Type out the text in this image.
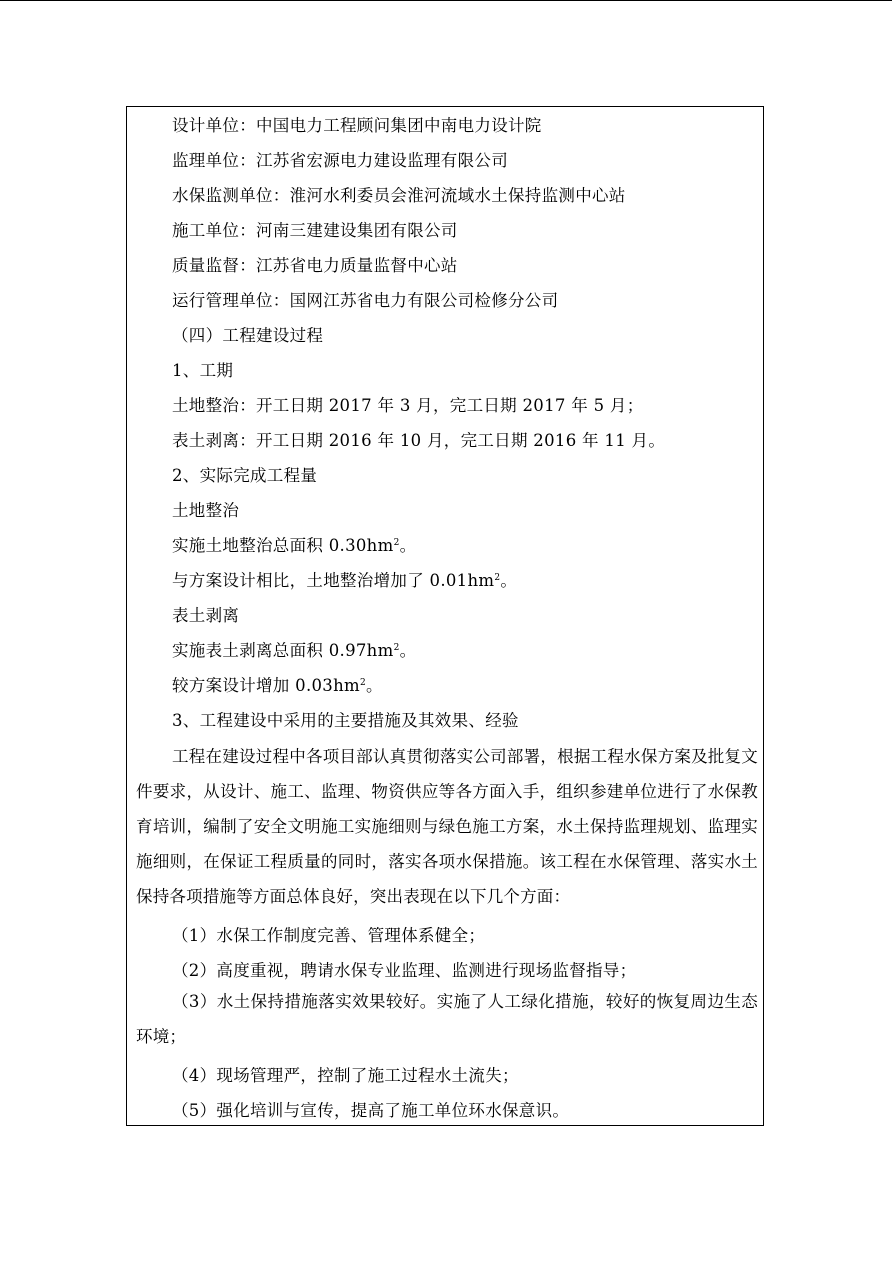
设计单位：中国电力工程顾问集团中南电力设计院
监理单位：江苏省宏源电力建设监理有限公司
水保监测单位：淮河水利委员会淮河流域水土保持监测中心站
施工单位：河南三建建设集团有限公司
质量监督：江苏省电力质量监督中心站
运行管理单位：国网江苏省电力有限公司检修分公司
（四）工程建设过程
1、工期
土地整治：开工日期 2017 年 3 月，完工日期 2017 年 5 月；
表土剥离：开工日期 2016 年 10 月，完工日期 2016 年 11 月。
2、实际完成工程量
土地整治
实施土地整治总面积 $0.30hm^2$。
与方案设计相比，土地整治增加了 $0.01hm^2$。
表土剥离
实施表土剥离总面积 $0.97hm^2$。
较方案设计增加 $0.03hm^2$。
3、工程建设中采用的主要措施及其效果、经验
工程在建设过程中各项目部认真贯彻落实公司部署，根据工程水保方案及批复文件要求，从设计、施工、监理、物资供应等各方面入手，组织参建单位进行了水保教育培训，编制了安全文明施工实施细则与绿色施工方案，水土保持监理规划、监理实施细则，在保证工程质量的同时，落实各项水保措施。该工程在水保管理、落实水土保持各项措施等方面总体良好，突出表现在以下几个方面：
（1）水保工作制度完善、管理体系健全；
（2）高度重视，聘请水保专业监理、监测进行现场监督指导；
（3）水土保持措施落实效果较好。实施了人工绿化措施，较好的恢复周边生态环境；
（4）现场管理严，控制了施工过程水土流失；
（5）强化培训与宣传，提高了施工单位环水保意识。
